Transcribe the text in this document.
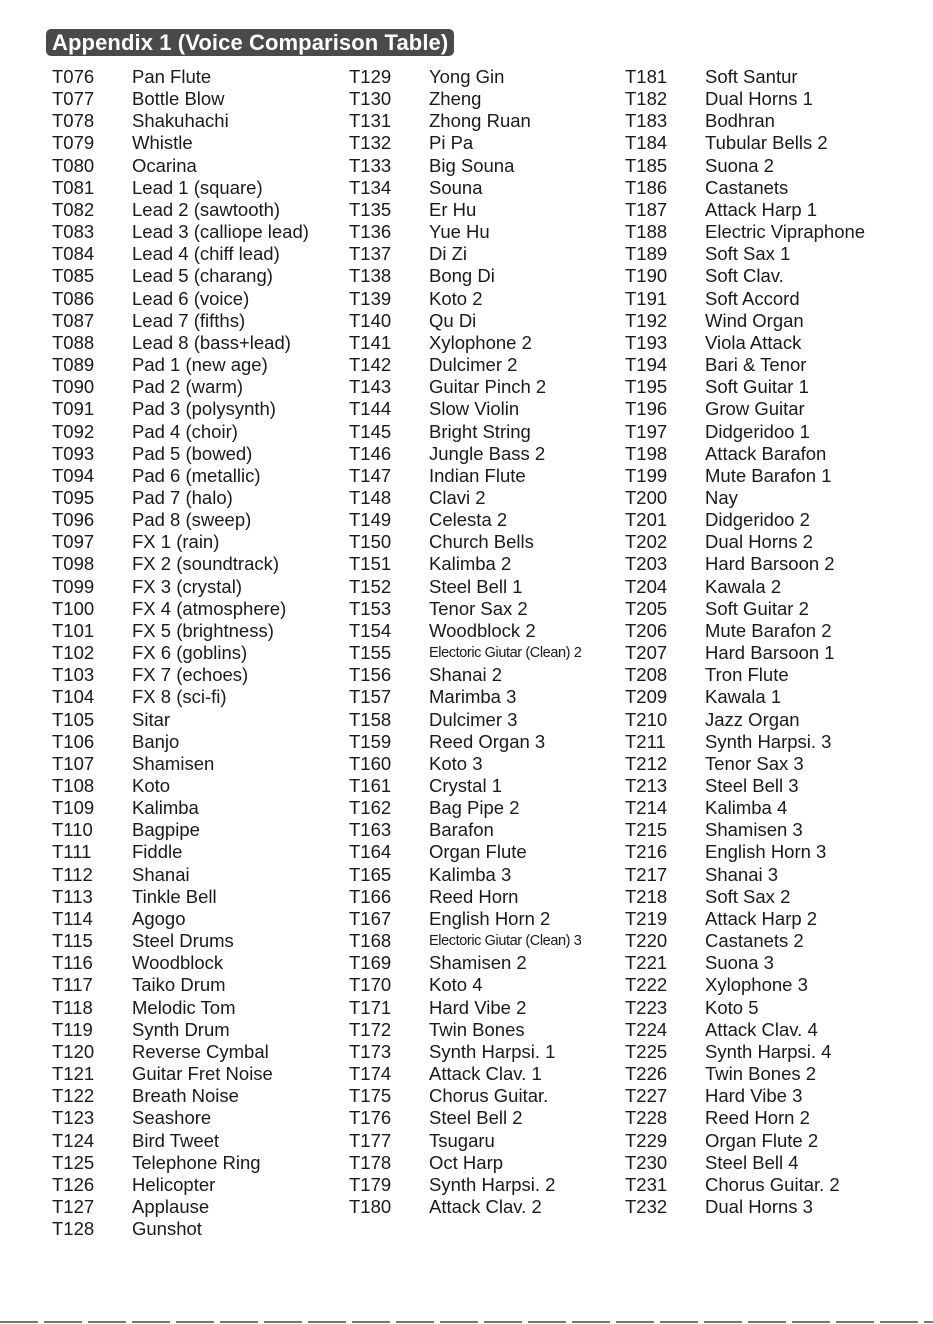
Appendix 1 (Voice Comparison Table)
T076 Pan Flute
T077 Bottle Blow
T078 Shakuhachi
T079 Whistle
T080 Ocarina
T081 Lead 1 (square)
T082 Lead 2 (sawtooth)
T083 Lead 3 (calliope lead)
T084 Lead 4 (chiff lead)
T085 Lead 5 (charang)
T086 Lead 6 (voice)
T087 Lead 7 (fifths)
T088 Lead 8 (bass+lead)
T089 Pad 1 (new age)
T090 Pad 2 (warm)
T091 Pad 3 (polysynth)
T092 Pad 4 (choir)
T093 Pad 5 (bowed)
T094 Pad 6 (metallic)
T095 Pad 7 (halo)
T096 Pad 8 (sweep)
T097 FX 1 (rain)
T098 FX 2 (soundtrack)
T099 FX 3 (crystal)
T100 FX 4 (atmosphere)
T101 FX 5 (brightness)
T102 FX 6 (goblins)
T103 FX 7 (echoes)
T104 FX 8 (sci-fi)
T105 Sitar
T106 Banjo
T107 Shamisen
T108 Koto
T109 Kalimba
T110 Bagpipe
T111 Fiddle
T112 Shanai
T113 Tinkle Bell
T114 Agogo
T115 Steel Drums
T116 Woodblock
T117 Taiko Drum
T118 Melodic Tom
T119 Synth Drum
T120 Reverse Cymbal
T121 Guitar Fret Noise
T122 Breath Noise
T123 Seashore
T124 Bird Tweet
T125 Telephone Ring
T126 Helicopter
T127 Applause
T128 Gunshot
T129 Yong Gin
T130 Zheng
T131 Zhong Ruan
T132 Pi Pa
T133 Big Souna
T134 Souna
T135 Er Hu
T136 Yue Hu
T137 Di Zi
T138 Bong Di
T139 Koto 2
T140 Qu Di
T141 Xylophone 2
T142 Dulcimer 2
T143 Guitar Pinch 2
T144 Slow Violin
T145 Bright String
T146 Jungle Bass 2
T147 Indian Flute
T148 Clavi 2
T149 Celesta 2
T150 Church Bells
T151 Kalimba 2
T152 Steel Bell 1
T153 Tenor Sax 2
T154 Woodblock 2
T155	Electoric Giutar (Clean) 2
T156 Shanai 2
T157 Marimba 3
T158 Dulcimer 3
T159 Reed Organ 3
T160 Koto 3
T161 Crystal 1
T162 Bag Pipe 2
T163 Barafon
T164 Organ Flute
T165 Kalimba 3
T166 Reed Horn
T167 English Horn 2
T168	Electoric Giutar (Clean) 3
T169 Shamisen 2
T170 Koto 4
T171 Hard Vibe 2
T172 Twin Bones
T173 Synth Harpsi. 1
T174 Attack Clav. 1
T175 Chorus Guitar.
T176 Steel Bell 2
T177 Tsugaru
T178 Oct Harp
T179 Synth Harpsi. 2
T180 Attack Clav. 2
T181 Soft Santur
T182 Dual Horns 1
T183 Bodhran
T184 Tubular Bells 2
T185 Suona 2
T186 Castanets
T187 Attack Harp 1
T188 Electric Vipraphone
T189 Soft Sax 1
T190 Soft Clav.
T191 Soft Accord
T192 Wind Organ
T193 Viola Attack
T194 Bari & Tenor
T195 Soft Guitar 1
T196 Grow Guitar
T197 Didgeridoo 1
T198 Attack Barafon
T199 Mute Barafon 1
T200 Nay
T201 Didgeridoo 2
T202 Dual Horns 2
T203 Hard Barsoon 2
T204 Kawala 2
T205 Soft Guitar 2
T206 Mute Barafon 2
T207 Hard Barsoon 1
T208 Tron Flute
T209 Kawala 1
T210 Jazz Organ
T211 Synth Harpsi. 3
T212 Tenor Sax 3
T213 Steel Bell 3
T214 Kalimba 4
T215 Shamisen 3
T216 English Horn 3
T217 Shanai 3
T218 Soft Sax 2
T219 Attack Harp 2
T220 Castanets 2
T221 Suona 3
T222 Xylophone 3
T223 Koto 5
T224 Attack Clav. 4
T225 Synth Harpsi. 4
T226 Twin Bones 2
T227 Hard Vibe 3
T228 Reed Horn 2
T229 Organ Flute 2
T230 Steel Bell 4
T231 Chorus Guitar. 2
T232 Dual Horns 3
